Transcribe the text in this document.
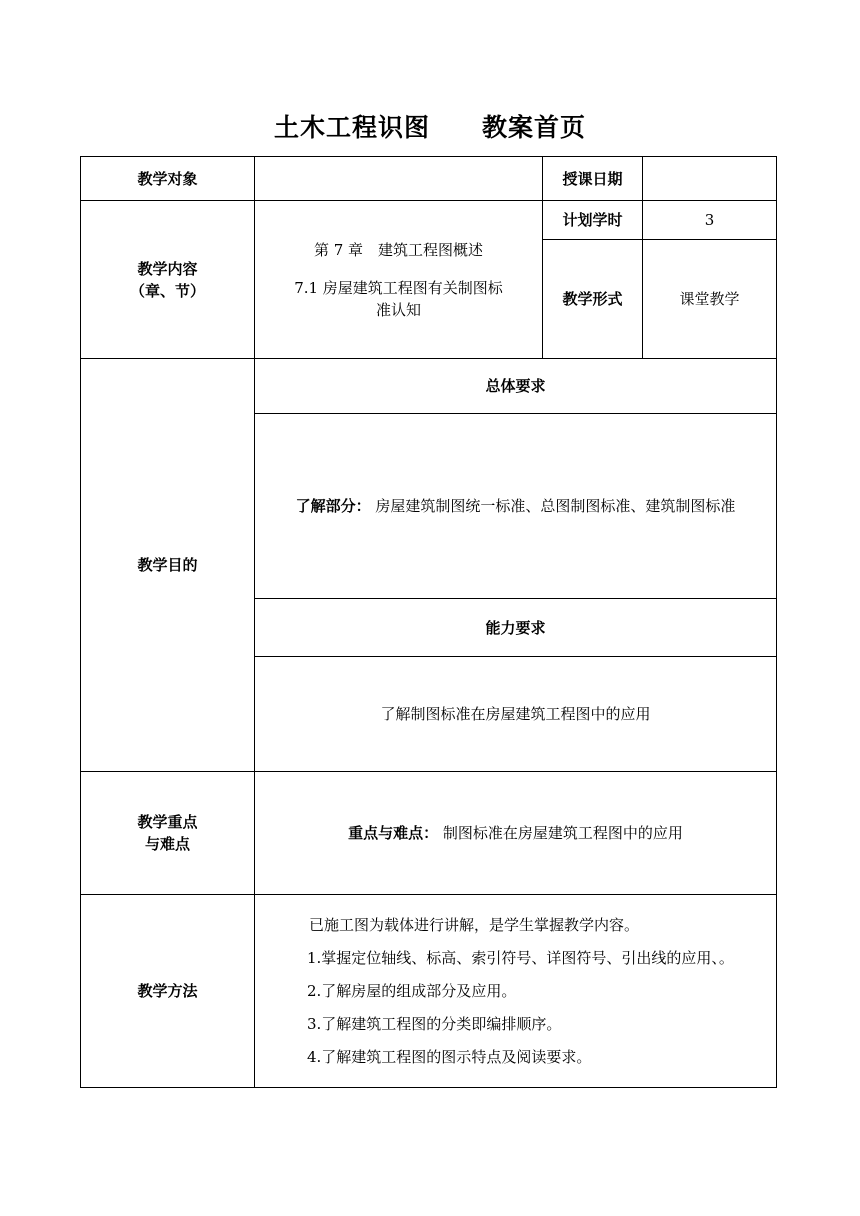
土木工程识图　　教案首页
教学对象		授课日期	

教学内容
（章、节）	第 7 章　建筑工程图概述
7.1 房屋建筑工程图有关制图标
准认知	计划学时	3
		教学形式	课堂教学
教学目的	总体要求		
	了解部分： 房屋建筑制图统一标准、总图制图标准、建筑制图标准		
	能力要求		
	了解制图标准在房屋建筑工程图中的应用		

教学重点
与难点	重点与难点： 制图标准在房屋建筑工程图中的应用		
教学方法	已施工图为载体进行讲解，是学生掌握教学内容。
1.掌握定位轴线、标高、索引符号、详图符号、引出线的应用、。
2.了解房屋的组成部分及应用。
3.了解建筑工程图的分类即编排顺序。
4.了解建筑工程图的图示特点及阅读要求。		
